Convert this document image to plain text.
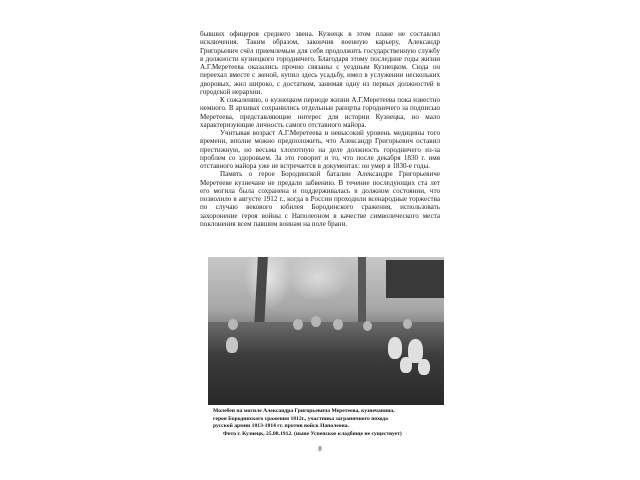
бывших офицеров среднего звена. Кузнецк в этом плане не составлял исключения. Таким образом, закончив военную карьеру, Александр Григорьевич счёл приемлемым для себя продолжить государственную службу в должности кузнецкого городничего. Благодаря этому последние годы жизни А.Г.Меретеева оказались прочно связаны с уездным Кузнецком. Сюда он переехал вместе с женой, купил здесь усадьбу, имел в услужении нескольких дворовых, жил широко, с достатком, занимая одну из первых должностей в городской иерархии.

К сожалению, о кузнецком периоде жизни А.Г.Меретеева пока известно немного. В архивах сохранились отдельные рапорты городничего за подписью Меретеева, представляющие интерес для истории Кузнецка, но мало характеризующие личность самого отставного майора.

Учитывая возраст А.Г.Меретеева и невысокий уровень медицины того времени, вполне можно предположить, что Александр Григорьевич оставил престижную, но весьма хлопотную на деле должность городничего из-за проблем со здоровьем. За это говорит и то, что после декабря 1830 г. имя отставного майора уже не встречается в документах: он умер в 1830-е годы.

Память о герое Бородинской баталии Александре Григорьевиче Меретееве кузнечане не предали забвению. В течение последующих ста лет его могила была сохранена и поддерживалась в должном состоянии, что позволило в августе 1912 г., когда в России проходили всенародные торжества по случаю векового юбилея Бородинского сражения, использовать захоронение героя войны с Наполеоном в качестве символического места поклонения всем павшим воинам на поле брани.

Молебен на могиле Александра Григорьевича Меретеева, кузнечанина,
героя Бородинского сражения 1812г., участника заграничного похода
русской армии 1813-1814 гг. против войск Наполеона.
Фото г. Кузнецк, 25.08.1912. (ныне Успенское кладбище не существует)
8
